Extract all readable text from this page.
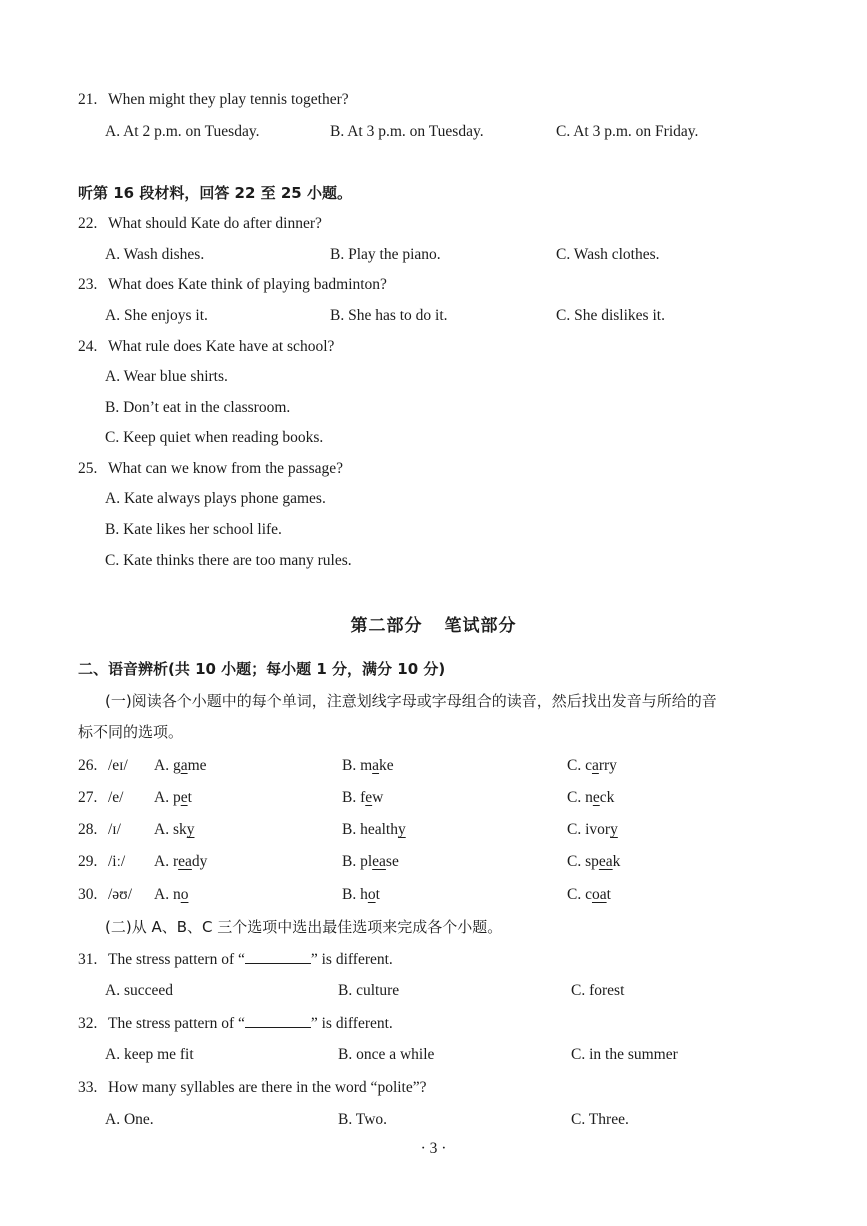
21. When might they play tennis together?
A. At 2 p.m. on Tuesday.	B. At 3 p.m. on Tuesday.	C. At 3 p.m. on Friday.
听第 16 段材料，回答 22 至 25 小题。
22. What should Kate do after dinner?
A. Wash dishes.	B. Play the piano.	C. Wash clothes.
23. What does Kate think of playing badminton?
A. She enjoys it.	B. She has to do it.	C. She dislikes it.
24. What rule does Kate have at school?
A. Wear blue shirts.
B. Don’t eat in the classroom.
C. Keep quiet when reading books.
25. What can we know from the passage?
A. Kate always plays phone games.
B. Kate likes her school life.
C. Kate thinks there are too many rules.
第二部分 笔试部分
二、语音辨析(共 10 小题；每小题 1 分，满分 10 分)
(一)阅读各个小题中的每个单词，注意划线字母或字母组合的读音，然后找出发音与所给的音
标不同的选项。
26. /eɪ/ A. game	B. make	C. carry
27. /e/ A. pet	B. few	C. neck
28. /ɪ/ A. sky	B. healthy	C. ivory
29. /iː/ A. ready	B. please	C. speak
30. /əʊ/ A. no	B. hot	C. coat
(二)从 A、B、C 三个选项中选出最佳选项来完成各个小题。
31. The stress pattern of “	” is different.
A. succeed	B. culture	C. forest
32. The stress pattern of “	” is different.
A. keep me fit	B. once a while	C. in the summer
33. How many syllables are there in the word “polite”?
A. One.	B. Two.	C. Three.
· 3 ·
